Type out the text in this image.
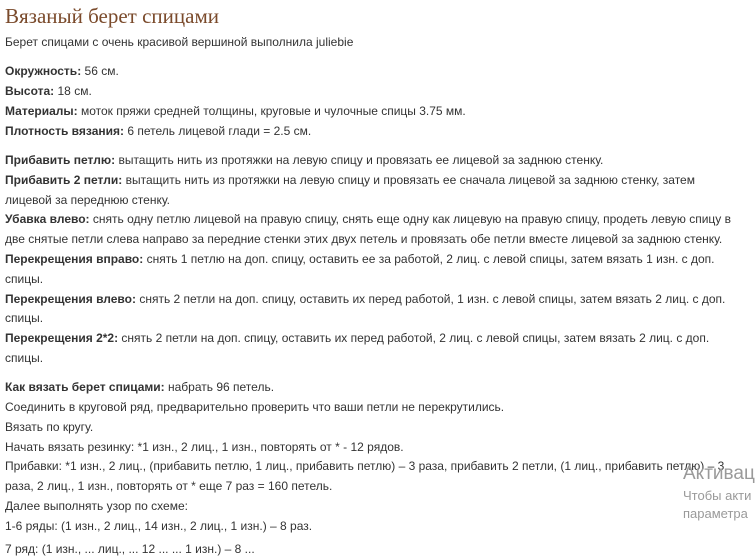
Вязаный берет спицами

Берет спицами с очень красивой вершиной выполнила juliebie

Окружность: 56 см.

Высота: 18 см.

Материалы: моток пряжи средней толщины, круговые и чулочные спицы 3.75 мм.

Плотность вязания: 6 петель лицевой глади = 2.5 см.

Прибавить петлю: вытащить нить из протяжки на левую спицу и провязать ее лицевой за заднюю стенку.

Прибавить 2 петли: вытащить нить из протяжки на левую спицу и провязать ее сначала лицевой за заднюю стенку, затем лицевой за переднюю стенку.

Убавка влево: снять одну петлю лицевой на правую спицу, снять еще одну как лицевую на правую спицу, продеть левую спицу в две снятые петли слева направо за передние стенки этих двух петель и провязать обе петли вместе лицевой за заднюю стенку.

Перекрещения вправо: снять 1 петлю на доп. спицу, оставить ее за работой, 2 лиц. с левой спицы, затем вязать 1 изн. с доп. спицы.

Перекрещения влево: снять 2 петли на доп. спицу, оставить их перед работой, 1 изн. с левой спицы, затем вязать 2 лиц. с доп. спицы.

Перекрещения 2*2: снять 2 петли на доп. спицу, оставить их перед работой, 2 лиц. с левой спицы, затем вязать 2 лиц. с доп. спицы.

Как вязать берет спицами: набрать 96 петель.

Соединить в круговой ряд, предварительно проверить что ваши петли не перекрутились.

Вязать по кругу.

Начать вязать резинку: *1 изн., 2 лиц., 1 изн., повторять от * - 12 рядов.

Прибавки: *1 изн., 2 лиц., (прибавить петлю, 1 лиц., прибавить петлю) – 3 раза, прибавить 2 петли, (1 лиц., прибавить петлю) – 3 раза, 2 лиц., 1 изн., повторять от * еще 7 раз = 160 петель.

Далее выполнять узор по схеме:

1-6 ряды: (1 изн., 2 лиц., 14 изн., 2 лиц., 1 изн.) – 8 раз.

7 ряд: (1 изн., ... лиц., ... 12 ... ... 1 изн.) – 8 ...

Активац
Чтобы акти
параметра
